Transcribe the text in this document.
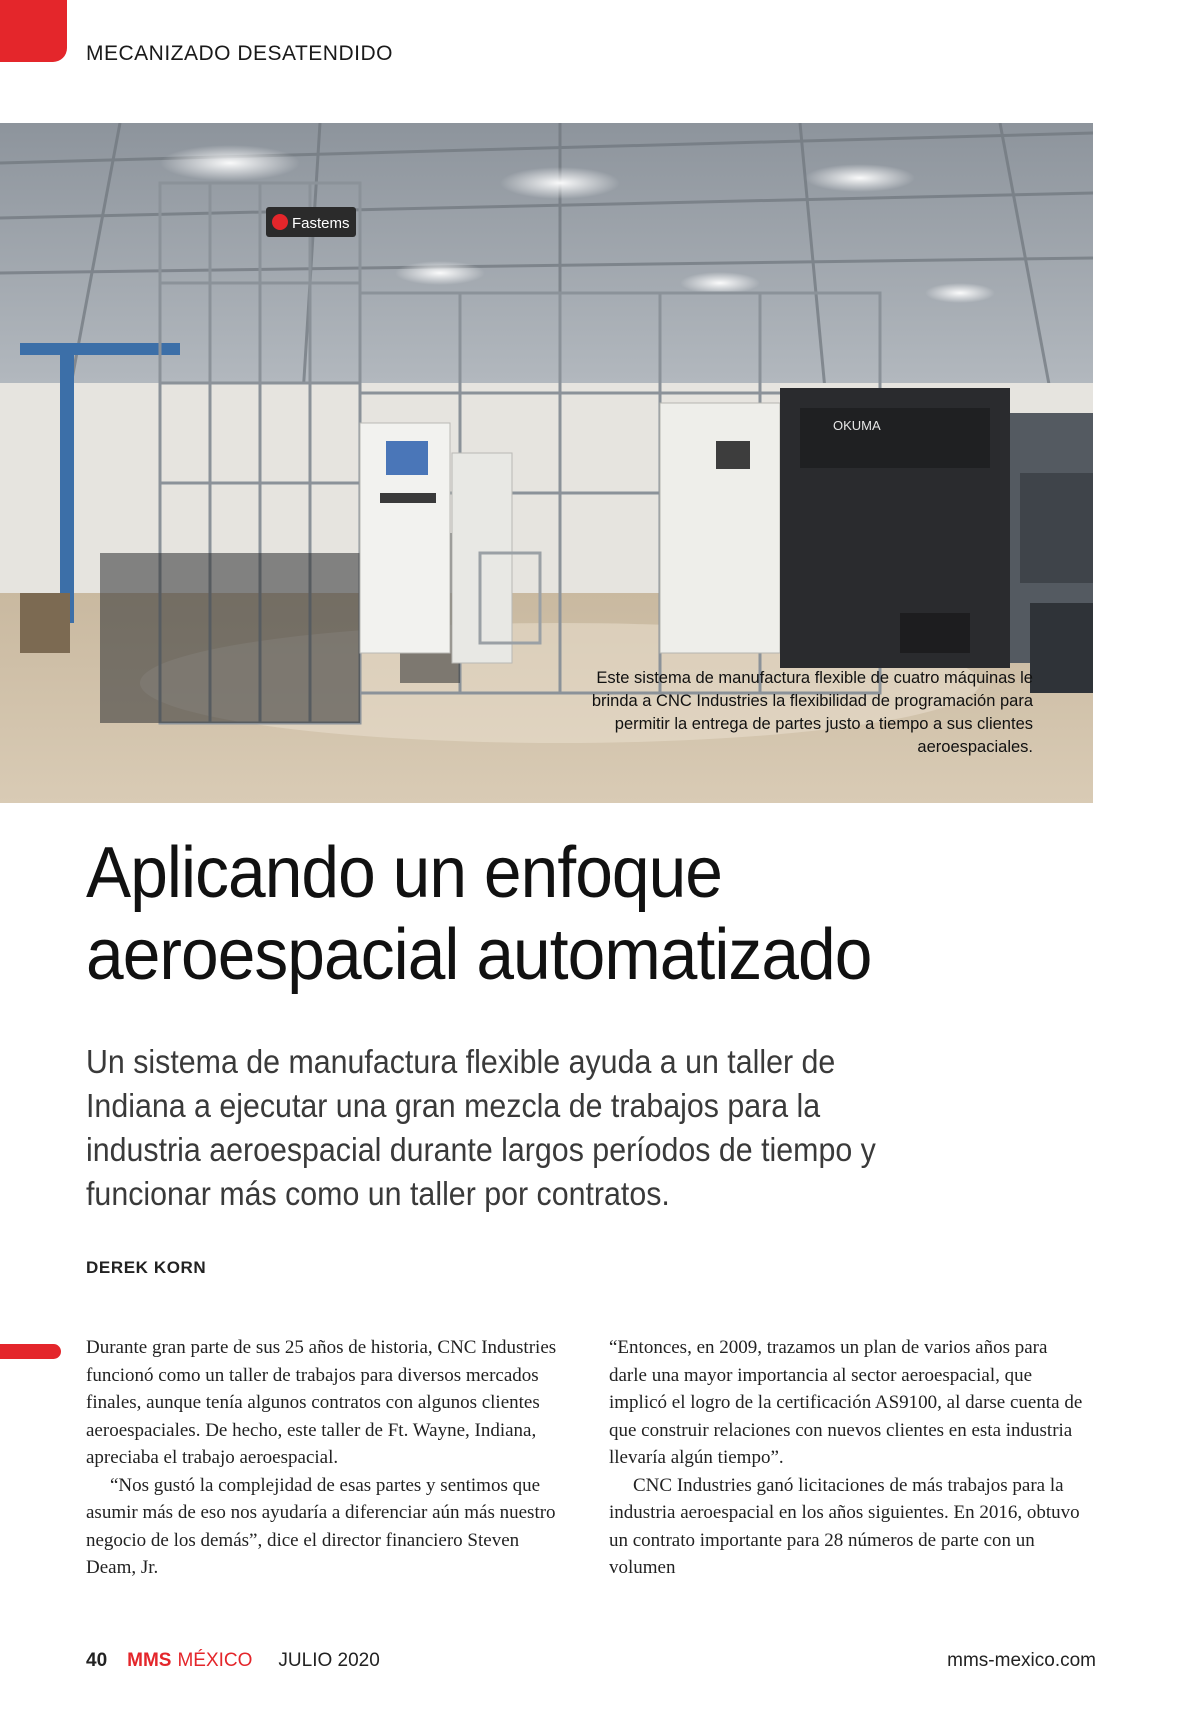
MECANIZADO DESATENDIDO
Fastems
OKUMA
Este sistema de manufactura flexible de cuatro máquinas le brinda a CNC Industries la flexibilidad de programación para permitir la entrega de partes justo a tiempo a sus clientes aeroespaciales.
Aplicando un enfoque aeroespacial automatizado

Un sistema de manufactura flexible ayuda a un taller de Indiana a ejecutar una gran mezcla de trabajos para la industria aeroespacial durante largos períodos de tiempo y funcionar más como un taller por contratos.

DEREK KORN

Durante gran parte de sus 25 años de historia, CNC Industries funcionó como un taller de trabajos para diversos mercados finales, aunque tenía algunos contratos con algunos clientes aeroespaciales. De hecho, este taller de Ft. Wayne, Indiana, apreciaba el trabajo aeroespacial.

“Nos gustó la complejidad de esas partes y sentimos que asumir más de eso nos ayudaría a diferenciar aún más nuestro negocio de los demás”, dice el director financiero Steven Deam, Jr.

“Entonces, en 2009, trazamos un plan de varios años para darle una mayor importancia al sector aeroespacial, que implicó el logro de la certificación AS9100, al darse cuenta de que construir relaciones con nuevos clientes en esta industria llevaría algún tiempo”.

CNC Industries ganó licitaciones de más trabajos para la industria aeroespacial en los años siguientes. En 2016, obtuvo un contrato importante para 28 números de parte con un volumen

40 MMS MÉXICO JULIO 2020	mms-mexico.com
